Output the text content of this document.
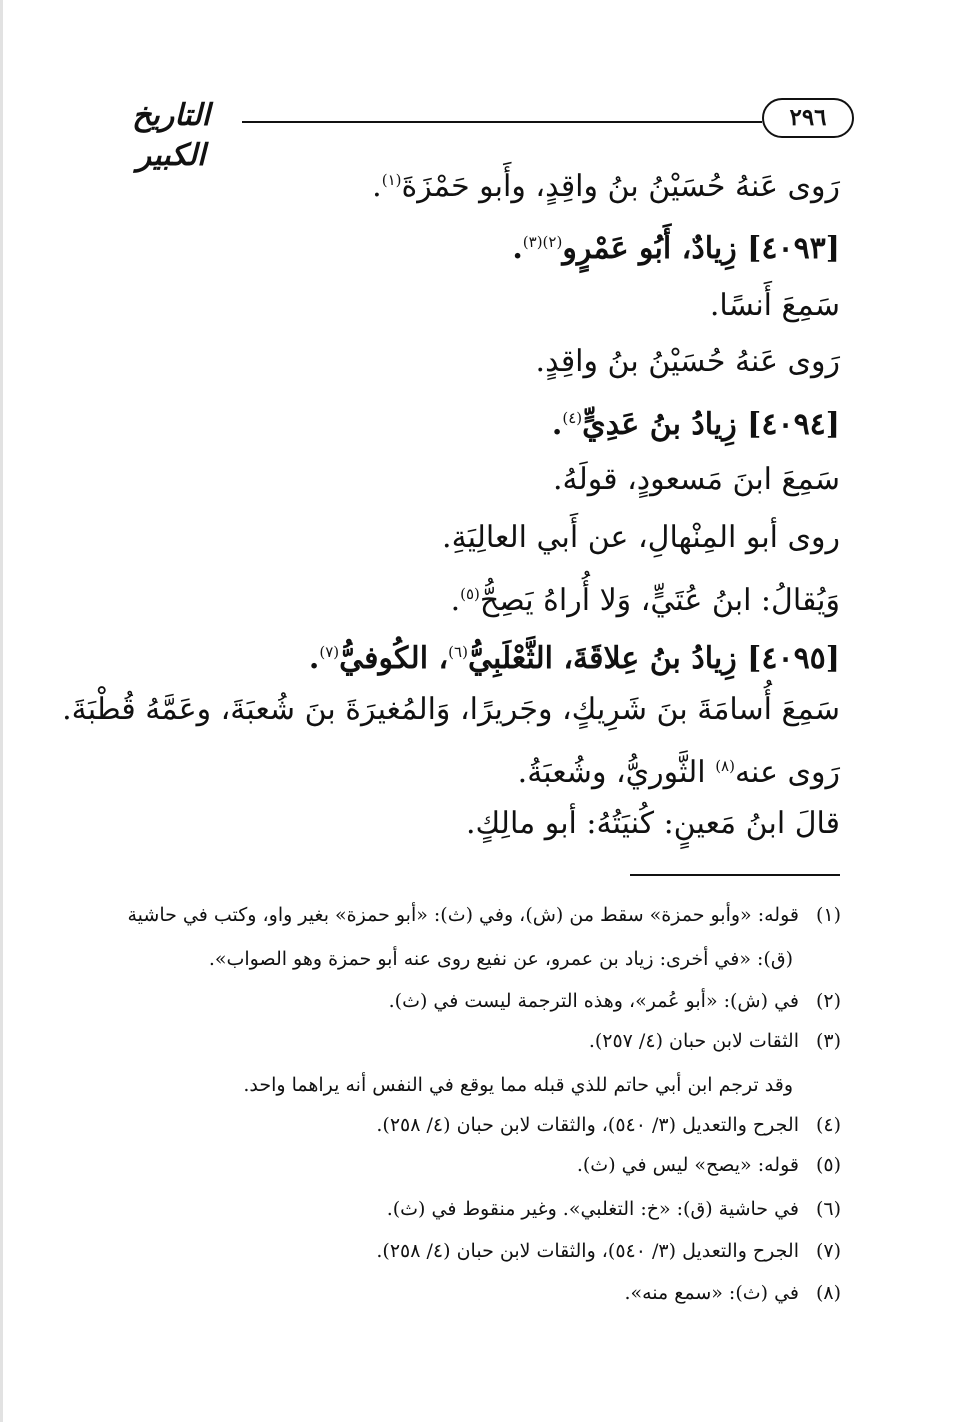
٢٩٦
التاريخ الكبير
رَوى عَنهُ حُسَيْنُ بنُ واقِدٍ، وأَبو حَمْزَةَ$^{(١)}$.
[٤٠٩٣] زِيادٌ، أَبُو عَمْرٍو$^{(٢)(٣)}$.
سَمِعَ أَنسًا.
رَوى عَنهُ حُسَيْنُ بنُ واقِدٍ.
[٤٠٩٤] زِيادُ بنُ عَدِيٍّ$^{(٤)}$.
سَمِعَ ابنَ مَسعودٍ، قولَهُ.
روى أبو المِنْهالِ، عن أَبي العالِيَةِ.
وَيُقالُ: ابنُ عُتَيٍّ، وَلا أُراهُ يَصِحُّ$^{(٥)}$.
[٤٠٩٥] زِيادُ بنُ عِلاقَةَ، الثَّعْلَبِيُّ$^{(٦)}$، الكُوفيُّ$^{(٧)}$.
سَمِعَ أُسامَةَ بنَ شَرِيكٍ، وجَريرًا، وَالمُغيرَةَ بنَ شُعبَةَ، وعَمَّهُ قُطْبَةَ.
رَوى عنه$^{(٨)}$ الثَّوريُّ، وشُعبَةُ.
قالَ ابنُ مَعينٍ: كُنيَتُهُ: أبو مالِكٍ.
(١)قوله: «وأبو حمزة» سقط من (ش)، وفي (ث): «أبو حمزة» بغير واو، وكتب في حاشية
(ق): «في أخرى: زياد بن عمرو، عن نفيع روى عنه أبو حمزة وهو الصواب».
(٢)في (ش): «أبو عُمر»، وهذه الترجمة ليست في (ث).
(٣)الثقات لابن حبان (٤/ ٢٥٧).
وقد ترجم ابن أبي حاتم للذي قبله مما يوقع في النفس أنه يراهما واحد.
(٤)الجرح والتعديل (٣/ ٥٤٠)، والثقات لابن حبان (٤/ ٢٥٨).
(٥)قوله: «يصح» ليس في (ث).
(٦)في حاشية (ق): «خ: التغلبي». وغير منقوط في (ث).
(٧)الجرح والتعديل (٣/ ٥٤٠)، والثقات لابن حبان (٤/ ٢٥٨).
(٨)في (ث): «سمع منه».
